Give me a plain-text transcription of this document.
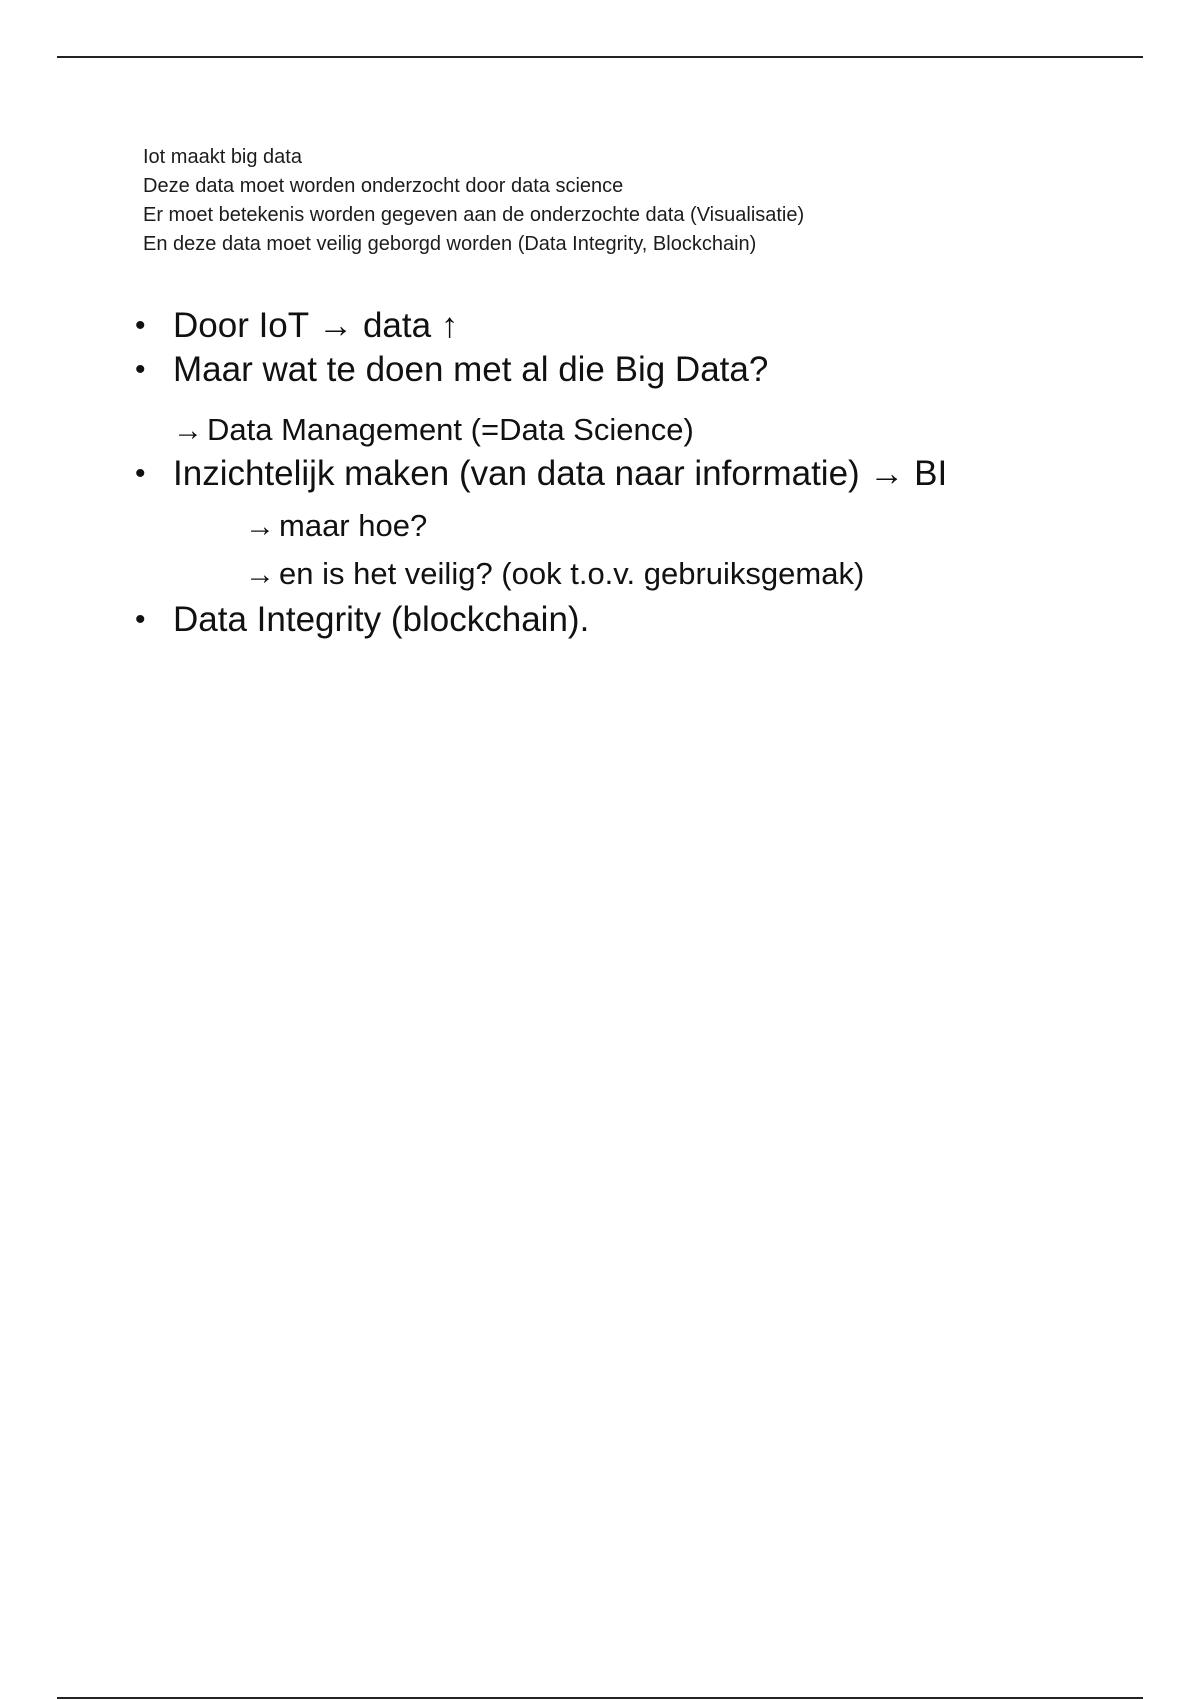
Iot maakt big data
Deze data moet worden onderzocht door data science
Er moet betekenis worden gegeven aan de onderzochte data (Visualisatie)
En deze data moet veilig geborgd worden (Data Integrity, Blockchain)
• Door IoT → data ↑
• Maar wat te doen met al die Big Data?
→ Data Management (=Data Science)
• Inzichtelijk maken (van data naar informatie) → BI
→ maar hoe?
→ en is het veilig? (ook t.o.v. gebruiksgemak)
• Data Integrity (blockchain).
